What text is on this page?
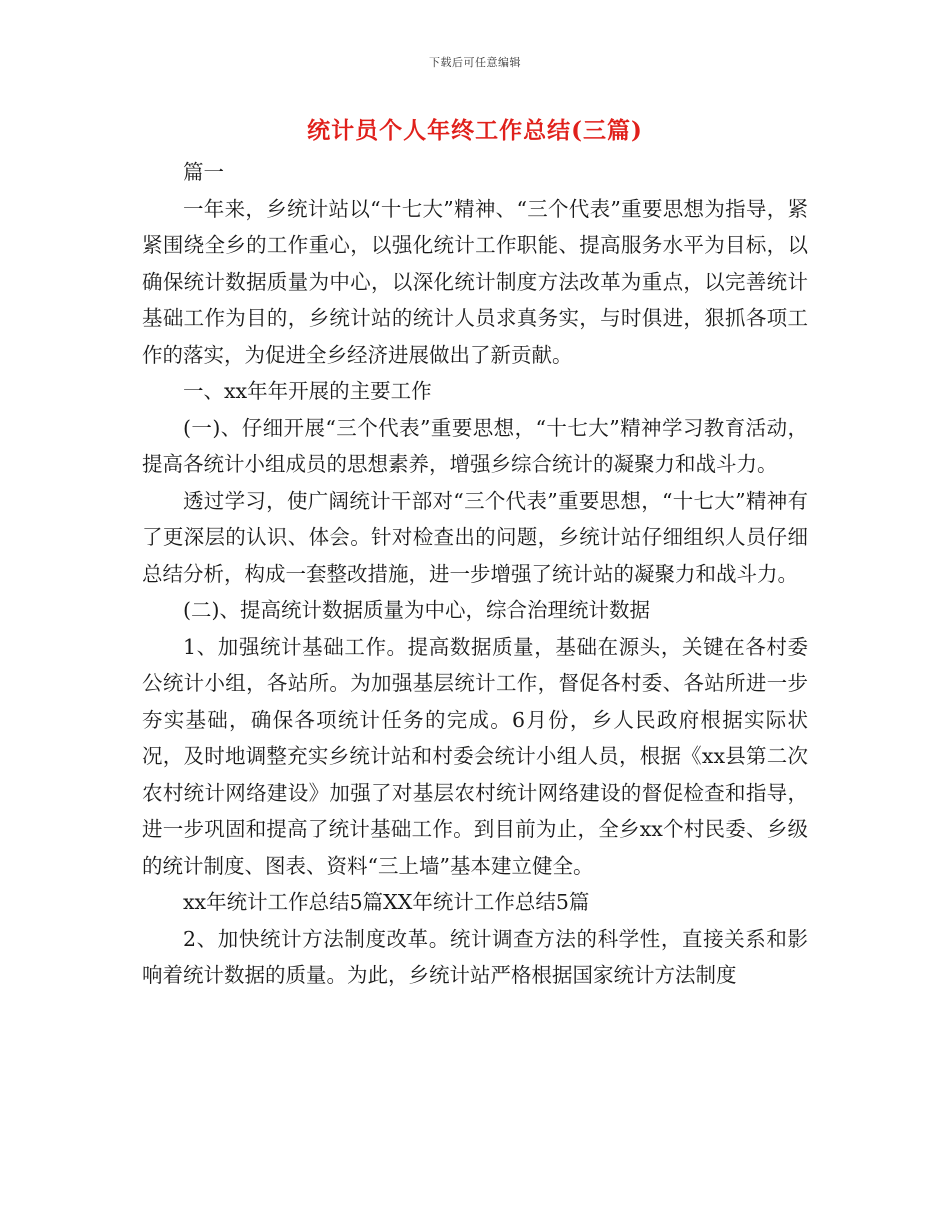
下载后可任意编辑
统计员个人年终工作总结(三篇)

篇一

一年来，乡统计站以“十七大”精神、“三个代表”重要思想为指导，紧紧围绕全乡的工作重心，以强化统计工作职能、提高服务水平为目标，以确保统计数据质量为中心，以深化统计制度方法改革为重点，以完善统计基础工作为目的，乡统计站的统计人员求真务实，与时俱进，狠抓各项工作的落实，为促进全乡经济进展做出了新贡献。

一、xx年年开展的主要工作

(一)、仔细开展“三个代表”重要思想，“十七大”精神学习教育活动，提高各统计小组成员的思想素养，增强乡综合统计的凝聚力和战斗力。

透过学习，使广阔统计干部对“三个代表”重要思想，“十七大”精神有了更深层的认识、体会。针对检查出的问题，乡统计站仔细组织人员仔细总结分析，构成一套整改措施，进一步增强了统计站的凝聚力和战斗力。

(二)、提高统计数据质量为中心，综合治理统计数据

1、加强统计基础工作。提高数据质量，基础在源头，关键在各村委公统计小组，各站所。为加强基层统计工作，督促各村委、各站所进一步夯实基础，确保各项统计任务的完成。6月份，乡人民政府根据实际状况，及时地调整充实乡统计站和村委会统计小组人员，根据《xx县第二次农村统计网络建设》加强了对基层农村统计网络建设的督促检查和指导，进一步巩固和提高了统计基础工作。到目前为止，全乡xx个村民委、乡级的统计制度、图表、资料“三上墙”基本建立健全。

xx年统计工作总结5篇XX年统计工作总结5篇

2、加快统计方法制度改革。统计调查方法的科学性，直接关系和影响着统计数据的质量。为此，乡统计站严格根据国家统计方法制度
